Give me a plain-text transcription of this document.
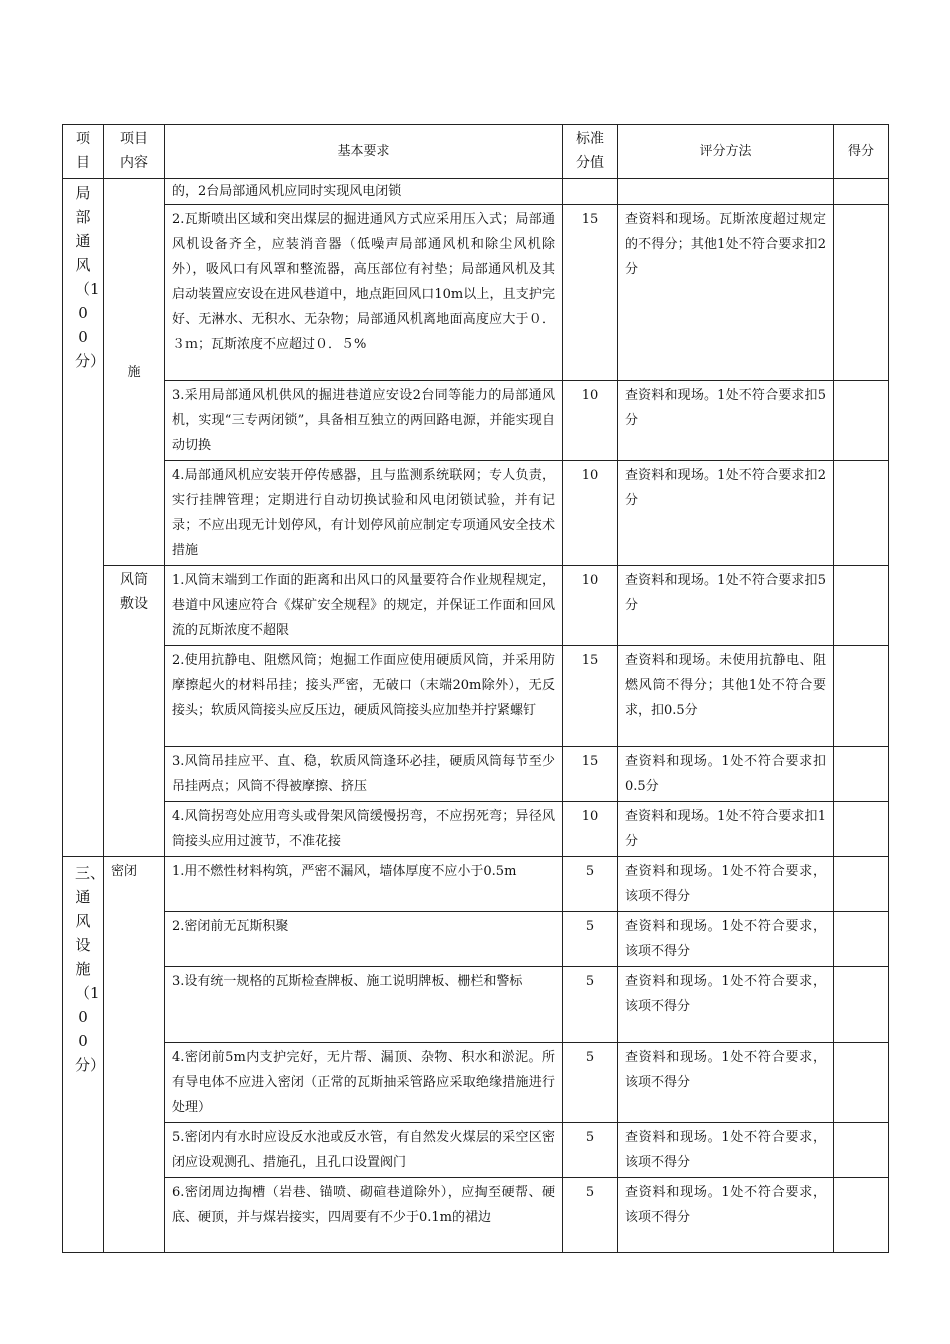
项目	项目内容	基本要求	标准分值	评分方法	得分
局部通风（100分）	施	的，2台局部通风机应同时实现风电闭锁			
		2.瓦斯喷出区域和突出煤层的掘进通风方式应采用压入式；局部通风机设备齐全，应装消音器（低噪声局部通风机和除尘风机除外），吸风口有风罩和整流器，高压部位有衬垫；局部通风机及其启动装置应安设在进风巷道中，地点距回风口10m以上，且支护完好、无淋水、无积水、无杂物；局部通风机离地面高度应大于０．３ｍ；瓦斯浓度不应超过０．５%	15	查资料和现场。瓦斯浓度超过规定的不得分；其他1处不符合要求扣2分	
		3.采用局部通风机供风的掘进巷道应安设2台同等能力的局部通风机，实现“三专两闭锁”，具备相互独立的两回路电源，并能实现自动切换	10	查资料和现场。1处不符合要求扣5分	
		4.局部通风机应安装开停传感器，且与监测系统联网；专人负责，实行挂牌管理；定期进行自动切换试验和风电闭锁试验，并有记录；不应出现无计划停风，有计划停风前应制定专项通风安全技术措施	10	查资料和现场。1处不符合要求扣2分	
	风筒敷设	1.风筒末端到工作面的距离和出风口的风量要符合作业规程规定，巷道中风速应符合《煤矿安全规程》的规定，并保证工作面和回风流的瓦斯浓度不超限	10	查资料和现场。1处不符合要求扣5分	
		2.使用抗静电、阻燃风筒；炮掘工作面应使用硬质风筒，并采用防摩擦起火的材料吊挂；接头严密，无破口（末端20m除外），无反接头；软质风筒接头应反压边，硬质风筒接头应加垫并拧紧螺钉	15	查资料和现场。未使用抗静电、阻燃风筒不得分；其他1处不符合要求，扣0.5分	
		3.风筒吊挂应平、直、稳，软质风筒逢环必挂，硬质风筒每节至少吊挂两点；风筒不得被摩擦、挤压	15	查资料和现场。1处不符合要求扣0.5分	
		4.风筒拐弯处应用弯头或骨架风筒缓慢拐弯，不应拐死弯；异径风筒接头应用过渡节，不准花接	10	查资料和现场。1处不符合要求扣1分	
三、通风设施（100分）	密闭	1.用不燃性材料构筑，严密不漏风，墙体厚度不应小于0.5m	5	查资料和现场。1处不符合要求，该项不得分	
		2.密闭前无瓦斯积聚	5	查资料和现场。1处不符合要求，该项不得分	
		3.设有统一规格的瓦斯检查牌板、施工说明牌板、栅栏和警标	5	查资料和现场。1处不符合要求，该项不得分	
		4.密闭前5m内支护完好，无片帮、漏顶、杂物、积水和淤泥。所有导电体不应进入密闭（正常的瓦斯抽采管路应采取绝缘措施进行处理）	5	查资料和现场。1处不符合要求，该项不得分	
		5.密闭内有水时应设反水池或反水管，有自然发火煤层的采空区密闭应设观测孔、措施孔，且孔口设置阀门	5	查资料和现场。1处不符合要求，该项不得分	
		6.密闭周边掏槽（岩巷、锚喷、砌碹巷道除外），应掏至硬帮、硬底、硬顶，并与煤岩接实，四周要有不少于0.1m的裙边	5	查资料和现场。1处不符合要求，该项不得分	
